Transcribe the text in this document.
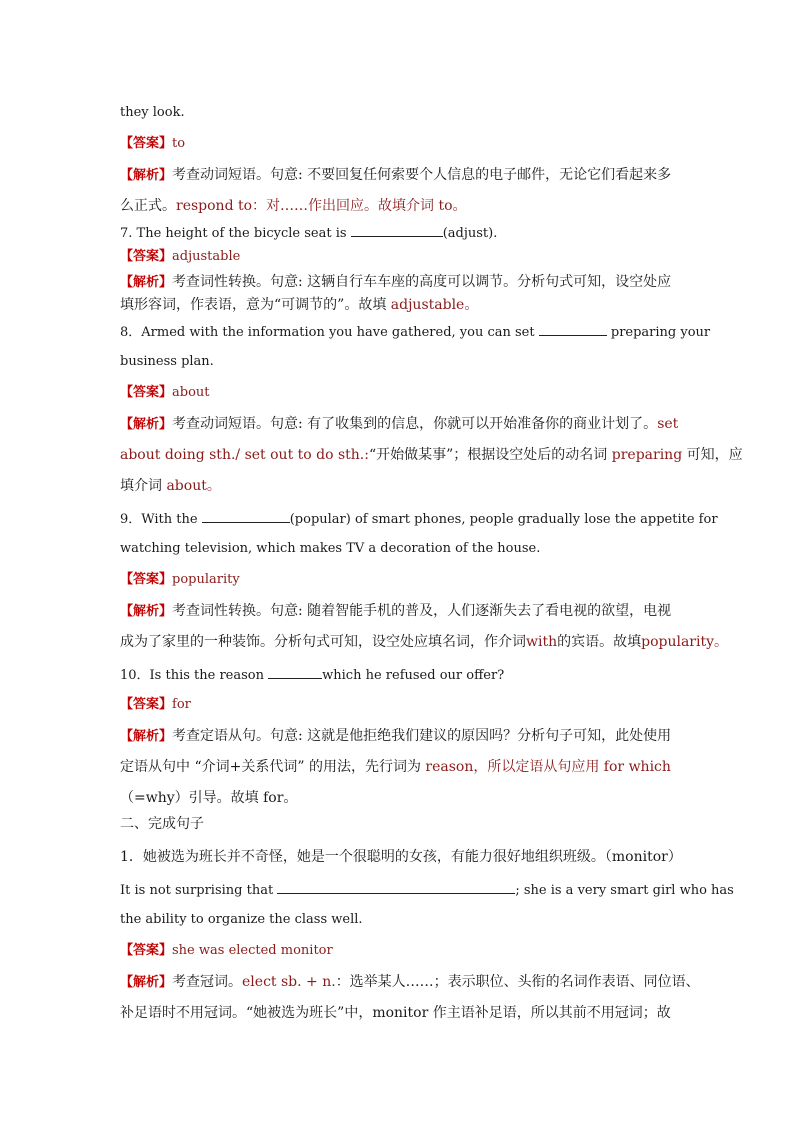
they look.
【答案】to
【解析】考查动词短语。句意: 不要回复任何索要个人信息的电子邮件，无论它们看起来多
么正式。respond to：对……作出回应。故填介词 to。
7. The height of the bicycle seat is	(adjust).
【答案】adjustable
【解析】考查词性转换。句意: 这辆自行车车座的高度可以调节。分析句式可知，设空处应
填形容词，作表语，意为“可调节的”。故填 adjustable。
8．Armed with the information you have gathered, you can set	preparing your
business plan.
【答案】about
【解析】考查动词短语。句意: 有了收集到的信息，你就可以开始准备你的商业计划了。set
about doing sth./ set out to do sth.:“开始做某事”；根据设空处后的动名词 preparing 可知，应
填介词 about。
9．With the	(popular) of smart phones, people gradually lose the appetite for
watching television, which makes TV a decoration of the house.
【答案】popularity
【解析】考查词性转换。句意: 随着智能手机的普及，人们逐渐失去了看电视的欲望，电视
成为了家里的一种装饰。分析句式可知，设空处应填名词，作介词with的宾语。故填popularity。
10．Is this the reason	which he refused our offer?
【答案】for
【解析】考查定语从句。句意: 这就是他拒绝我们建议的原因吗？分析句子可知，此处使用
定语从句中 “介词+关系代词” 的用法，先行词为 reason，所以定语从句应用 for which
（=why）引导。故填 for。
二、完成句子
1．她被选为班长并不奇怪，她是一个很聪明的女孩，有能力很好地组织班级。（monitor）
It is not surprising that	; she is a very smart girl who has
the ability to organize the class well.
【答案】she was elected monitor
【解析】考查冠词。elect sb. + n.：选举某人……；表示职位、头衔的名词作表语、同位语、
补足语时不用冠词。“她被选为班长”中，monitor 作主语补足语，所以其前不用冠词；故
